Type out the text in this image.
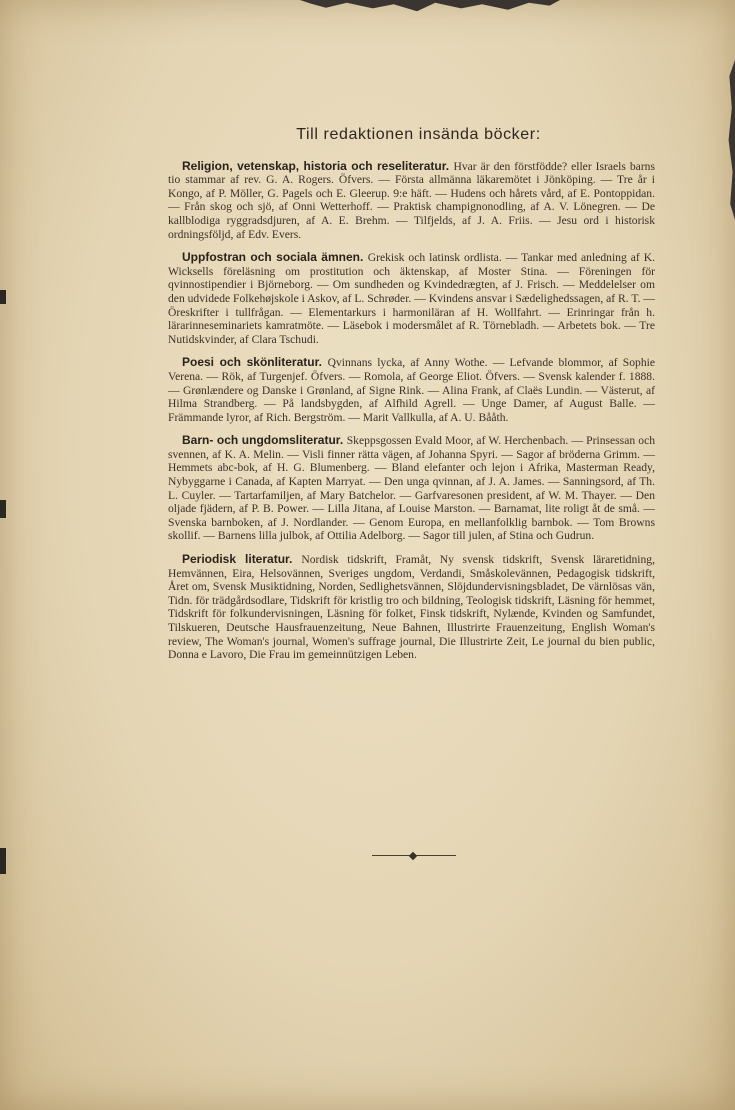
Till redaktionen insända böcker:

Religion, vetenskap, historia och reseliteratur. Hvar är den förstfödde? eller Israels barns tio stammar af rev. G. A. Rogers. Öfvers. — Första allmänna läkaremötet i Jönköping. — Tre år i Kongo, af P. Möller, G. Pagels och E. Gleerup. 9:e häft. — Hudens och hårets vård, af E. Pontoppidan. — Från skog och sjö, af Onni Wetterhoff. — Praktisk champignonodling, af A. V. Lönegren. — De kallblodiga ryggradsdjuren, af A. E. Brehm. — Tilfjelds, af J. A. Friis. — Jesu ord i historisk ordningsföljd, af Edv. Evers.

Uppfostran och sociala ämnen. Grekisk och latinsk ordlista. — Tankar med anledning af K. Wicksells föreläsning om prostitution och äktenskap, af Moster Stina. — Föreningen för qvinnostipendier i Björneborg. — Om sundheden og Kvindedrægten, af J. Frisch. — Meddelelser om den udvidede Folkehøjskole i Askov, af L. Schrøder. — Kvindens ansvar i Sædelighedssagen, af R. T. — Öreskrifter i tullfrågan. — Elementarkurs i harmoniläran af H. Wollfahrt. — Erinringar från h. lärarinneseminariets kamratmöte. — Läsebok i modersmålet af R. Törnebladh. — Arbetets bok. — Tre Nutidskvinder, af Clara Tschudi.

Poesi och skönliteratur. Qvinnans lycka, af Anny Wothe. — Lefvande blommor, af Sophie Verena. — Rök, af Turgenjef. Öfvers. — Romola, af George Eliot. Öfvers. — Svensk kalender f. 1888. — Grønlændere og Danske i Grønland, af Signe Rink. — Alina Frank, af Claës Lundin. — Västerut, af Hilma Strandberg. — På landsbygden, af Alfhild Agrell. — Unge Damer, af August Balle. — Främmande lyror, af Rich. Bergström. — Marit Vallkulla, af A. U. Bååth.

Barn- och ungdomsliteratur. Skeppsgossen Evald Moor, af W. Herchenbach. — Prinsessan och svennen, af K. A. Melin. — Visli finner rätta vägen, af Johanna Spyri. — Sagor af bröderna Grimm. — Hemmets abc-bok, af H. G. Blumenberg. — Bland elefanter och lejon i Afrika, Masterman Ready, Nybyggarne i Canada, af Kapten Marryat. — Den unga qvinnan, af J. A. James. — Sanningsord, af Th. L. Cuyler. — Tartarfamiljen, af Mary Batchelor. — Garfvaresonen president, af W. M. Thayer. — Den oljade fjädern, af P. B. Power. — Lilla Jitana, af Louise Marston. — Barnamat, lite roligt åt de små. — Svenska barnboken, af J. Nordlander. — Genom Europa, en mellanfolklig barnbok. — Tom Browns skollif. — Barnens lilla julbok, af Ottilia Adelborg. — Sagor till julen, af Stina och Gudrun.

Periodisk literatur. Nordisk tidskrift, Framåt, Ny svensk tidskrift, Svensk läraretidning, Hemvännen, Eira, Helsovännen, Sveriges ungdom, Verdandi, Småskolevännen, Pedagogisk tidskrift, Året om, Svensk Musiktidning, Norden, Sedlighetsvännen, Slöjdundervisningsbladet, De värnlösas vän, Tidn. för trädgårdsodlare, Tidskrift för kristlig tro och bildning, Teologisk tidskrift, Läsning för hemmet, Tidskrift för folkundervisningen, Läsning för folket, Finsk tidskrift, Nylænde, Kvinden og Samfundet, Tilskueren, Deutsche Hausfrauenzeitung, Neue Bahnen, Illustrirte Frauenzeitung, English Woman's review, The Woman's journal, Women's suffrage journal, Die Illustrirte Zeit, Le journal du bien public, Donna e Lavoro, Die Frau im gemeinnützigen Leben.
